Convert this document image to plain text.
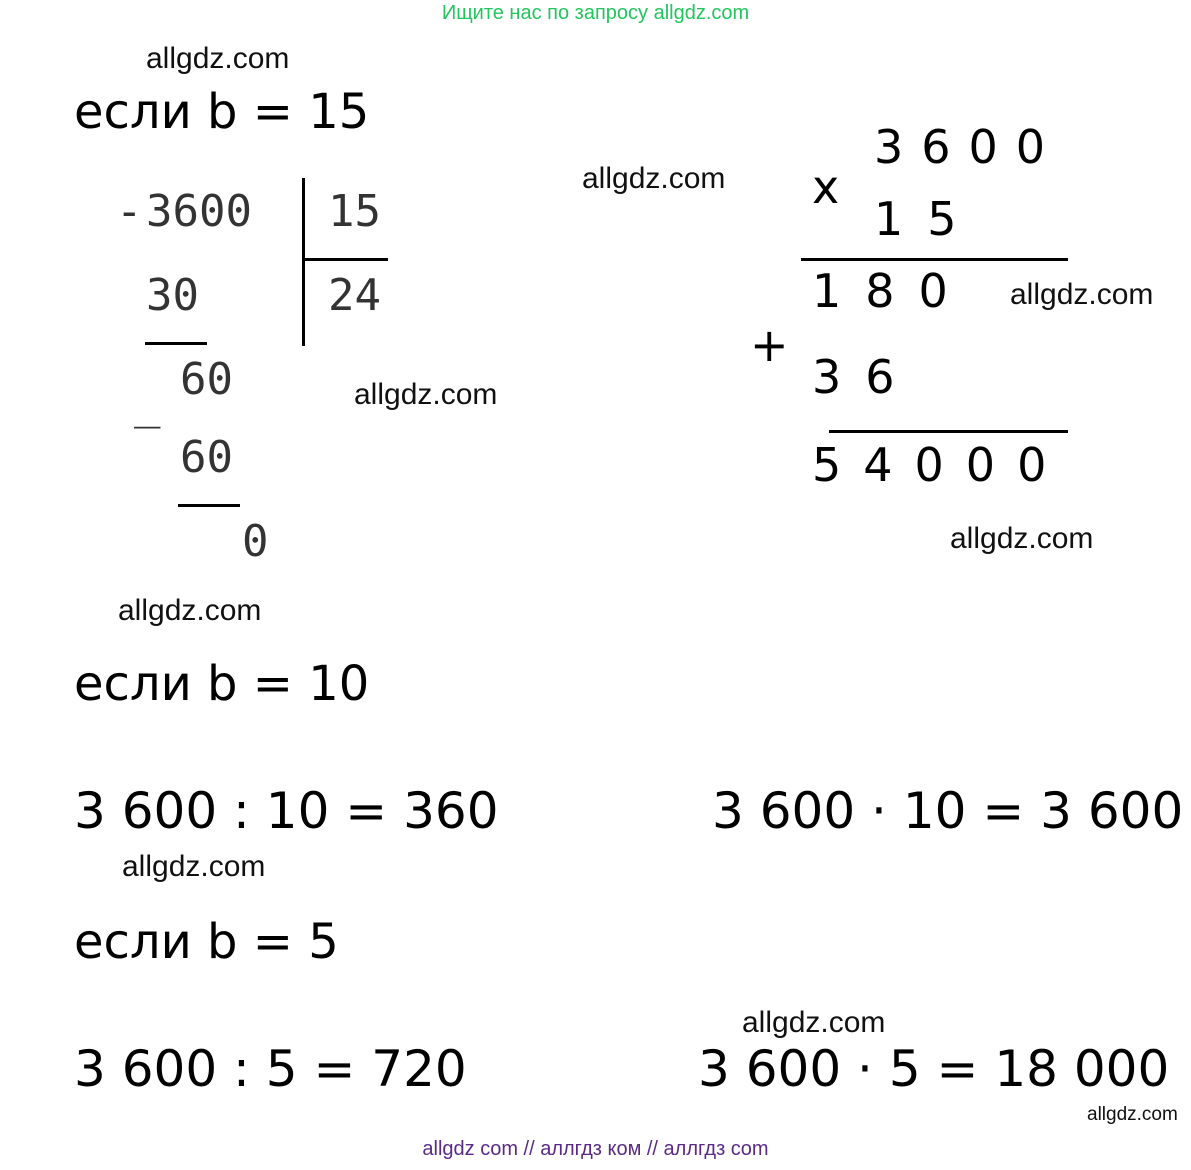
Ищите нас по запросу allgdz.com
allgdz.com
allgdz.com
allgdz.com
allgdz.com
allgdz.com
allgdz.com
allgdz.com
allgdz.com
allgdz.com
если b = 15
- 3600 15
24
30
_ 60
60
0
x
3600
15
180
+
36
54000
если b = 10
3 600 : 10 = 360	3 600 · 10 = 3 600
если b = 5
3 600 : 5 = 720	3 600 · 5 = 18 000
allgdz com // аллгдз ком // аллгдз com
